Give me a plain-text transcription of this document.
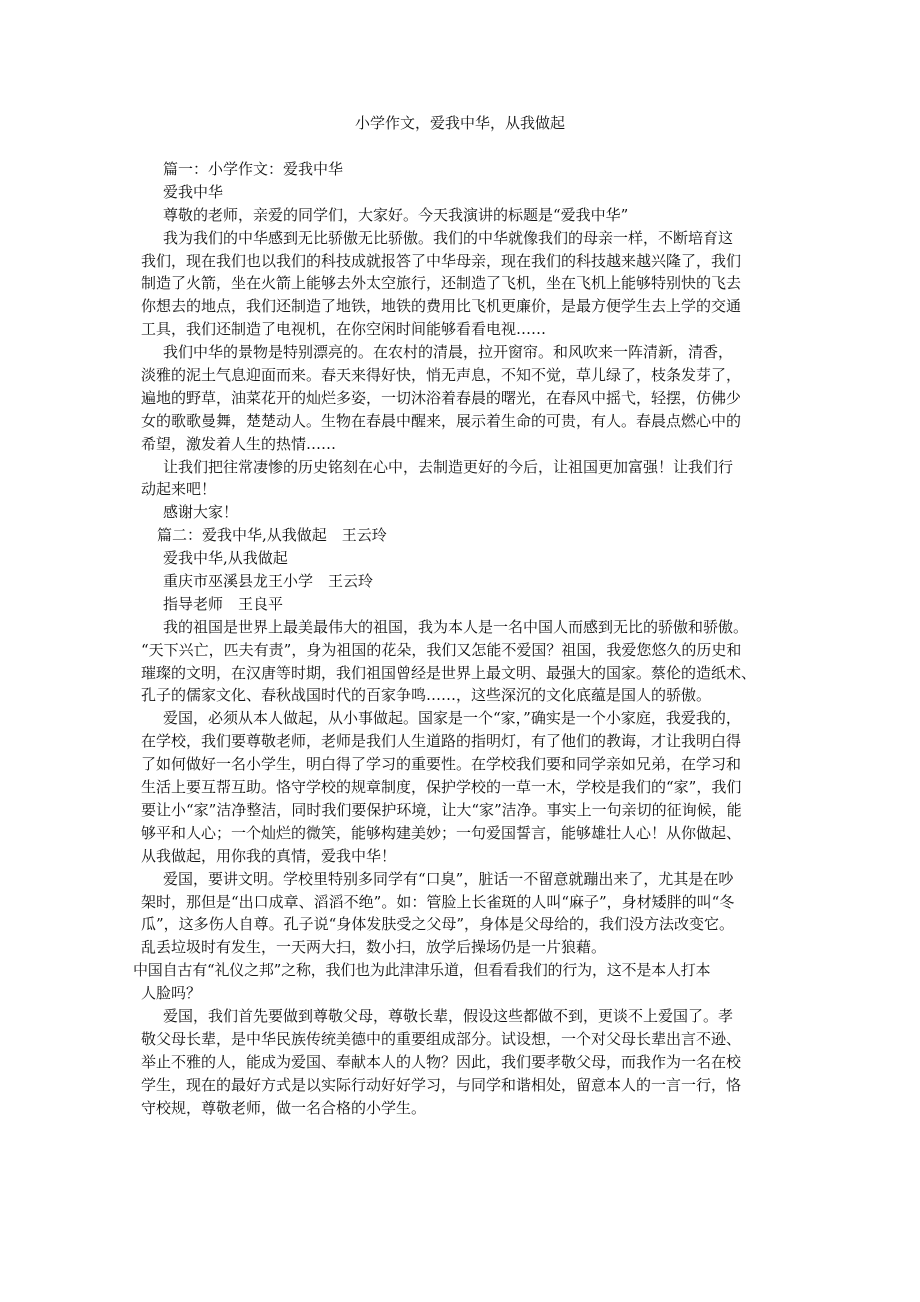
小学作文，爱我中华，从我做起
篇一：小学作文：爱我中华
爱我中华
尊敬的老师，亲爱的同学们，大家好。今天我演讲的标题是“爱我中华”
我为我们的中华感到无比骄傲无比骄傲。我们的中华就像我们的母亲一样，不断培育这
我们，现在我们也以我们的科技成就报答了中华母亲，现在我们的科技越来越兴隆了，我们
制造了火箭，坐在火箭上能够去外太空旅行，还制造了飞机，坐在飞机上能够特别快的飞去
你想去的地点，我们还制造了地铁，地铁的费用比飞机更廉价，是最方便学生去上学的交通
工具，我们还制造了电视机，在你空闲时间能够看看电视……
我们中华的景物是特别漂亮的。在农村的清晨，拉开窗帘。和风吹来一阵清新，清香，
淡雅的泥土气息迎面而来。春天来得好快，悄无声息，不知不觉，草儿绿了，枝条发芽了，
遍地的野草，油菜花开的灿烂多姿，一切沐浴着春晨的曙光，在春风中摇弋，轻摆，仿佛少
女的歌歌曼舞，楚楚动人。生物在春晨中醒来，展示着生命的可贵，有人。春晨点燃心中的
希望，激发着人生的热情……
让我们把往常凄惨的历史铭刻在心中，去制造更好的今后，让祖国更加富强！让我们行
动起来吧！
感谢大家！
篇二：爱我中华,从我做起　王云玲
爱我中华,从我做起
重庆市巫溪县龙王小学　王云玲
指导老师　王良平
我的祖国是世界上最美最伟大的祖国，我为本人是一名中国人而感到无比的骄傲和骄傲。
“天下兴亡，匹夫有责”，身为祖国的花朵，我们又怎能不爱国？祖国，我爱您悠久的历史和
璀璨的文明，在汉唐等时期，我们祖国曾经是世界上最文明、最强大的国家。蔡伦的造纸术、
孔子的儒家文化、春秋战国时代的百家争鸣……，这些深沉的文化底蕴是国人的骄傲。
爱国，必须从本人做起，从小事做起。国家是一个“家，”确实是一个小家庭，我爱我的，
在学校，我们要尊敬老师，老师是我们人生道路的指明灯，有了他们的教诲，才让我明白得
了如何做好一名小学生，明白得了学习的重要性。在学校我们要和同学亲如兄弟，在学习和
生活上要互帮互助。恪守学校的规章制度，保护学校的一草一木，学校是我们的“家”，我们
要让小“家”洁净整洁，同时我们要保护环境，让大“家”洁净。事实上一句亲切的征询候，能
够平和人心；一个灿烂的微笑，能够构建美妙；一句爱国誓言，能够雄壮人心！从你做起、
从我做起，用你我的真情，爱我中华！
爱国，要讲文明。学校里特别多同学有“口臭”，脏话一不留意就蹦出来了，尤其是在吵
架时，那但是“出口成章、滔滔不绝”。如：管脸上长雀斑的人叫“麻子”，身材矮胖的叫“冬
瓜”，这多伤人自尊。孔子说“身体发肤受之父母”，身体是父母给的，我们没方法改变它。
乱丢垃圾时有发生，一天两大扫，数小扫，放学后操场仍是一片狼藉。
中国自古有“礼仪之邦”之称，我们也为此津津乐道，但看看我们的行为，这不是本人打本
人脸吗？
爱国，我们首先要做到尊敬父母，尊敬长辈，假设这些都做不到，更谈不上爱国了。孝
敬父母长辈，是中华民族传统美德中的重要组成部分。试设想，一个对父母长辈出言不逊、
举止不雅的人，能成为爱国、奉献本人的人物？因此，我们要孝敬父母，而我作为一名在校
学生，现在的最好方式是以实际行动好好学习，与同学和谐相处，留意本人的一言一行，恪
守校规，尊敬老师，做一名合格的小学生。
